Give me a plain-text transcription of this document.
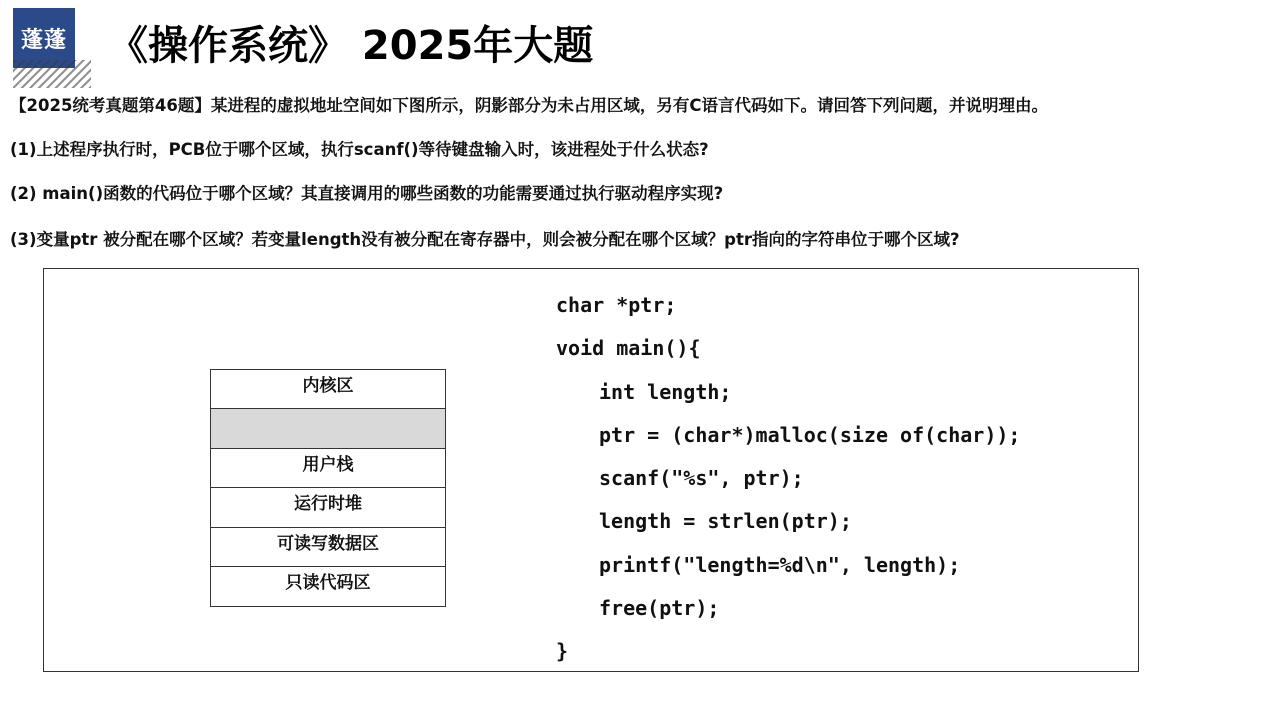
蓬蓬 《操作系统》 2025年大题

【2025统考真题第46题】某进程的虚拟地址空间如下图所示，阴影部分为未占用区域，另有C语言代码如下。请回答下列问题，并说明理由。

(1)上述程序执行时，PCB位于哪个区域，执行scanf()等待键盘输入时，该进程处于什么状态?

(2) main()函数的代码位于哪个区域？其直接调用的哪些函数的功能需要通过执行驱动程序实现?

(3)变量ptr 被分配在哪个区域？若变量length没有被分配在寄存器中，则会被分配在哪个区域？ptr指向的字符串位于哪个区域?

内核区
用户栈
运行时堆
可读写数据区
只读代码区
char *ptr;
void main(){
int length;
ptr = (char*)malloc(size of(char));
scanf("%s", ptr);
length = strlen(ptr);
printf("length=%d\n", length);
free(ptr);
}
